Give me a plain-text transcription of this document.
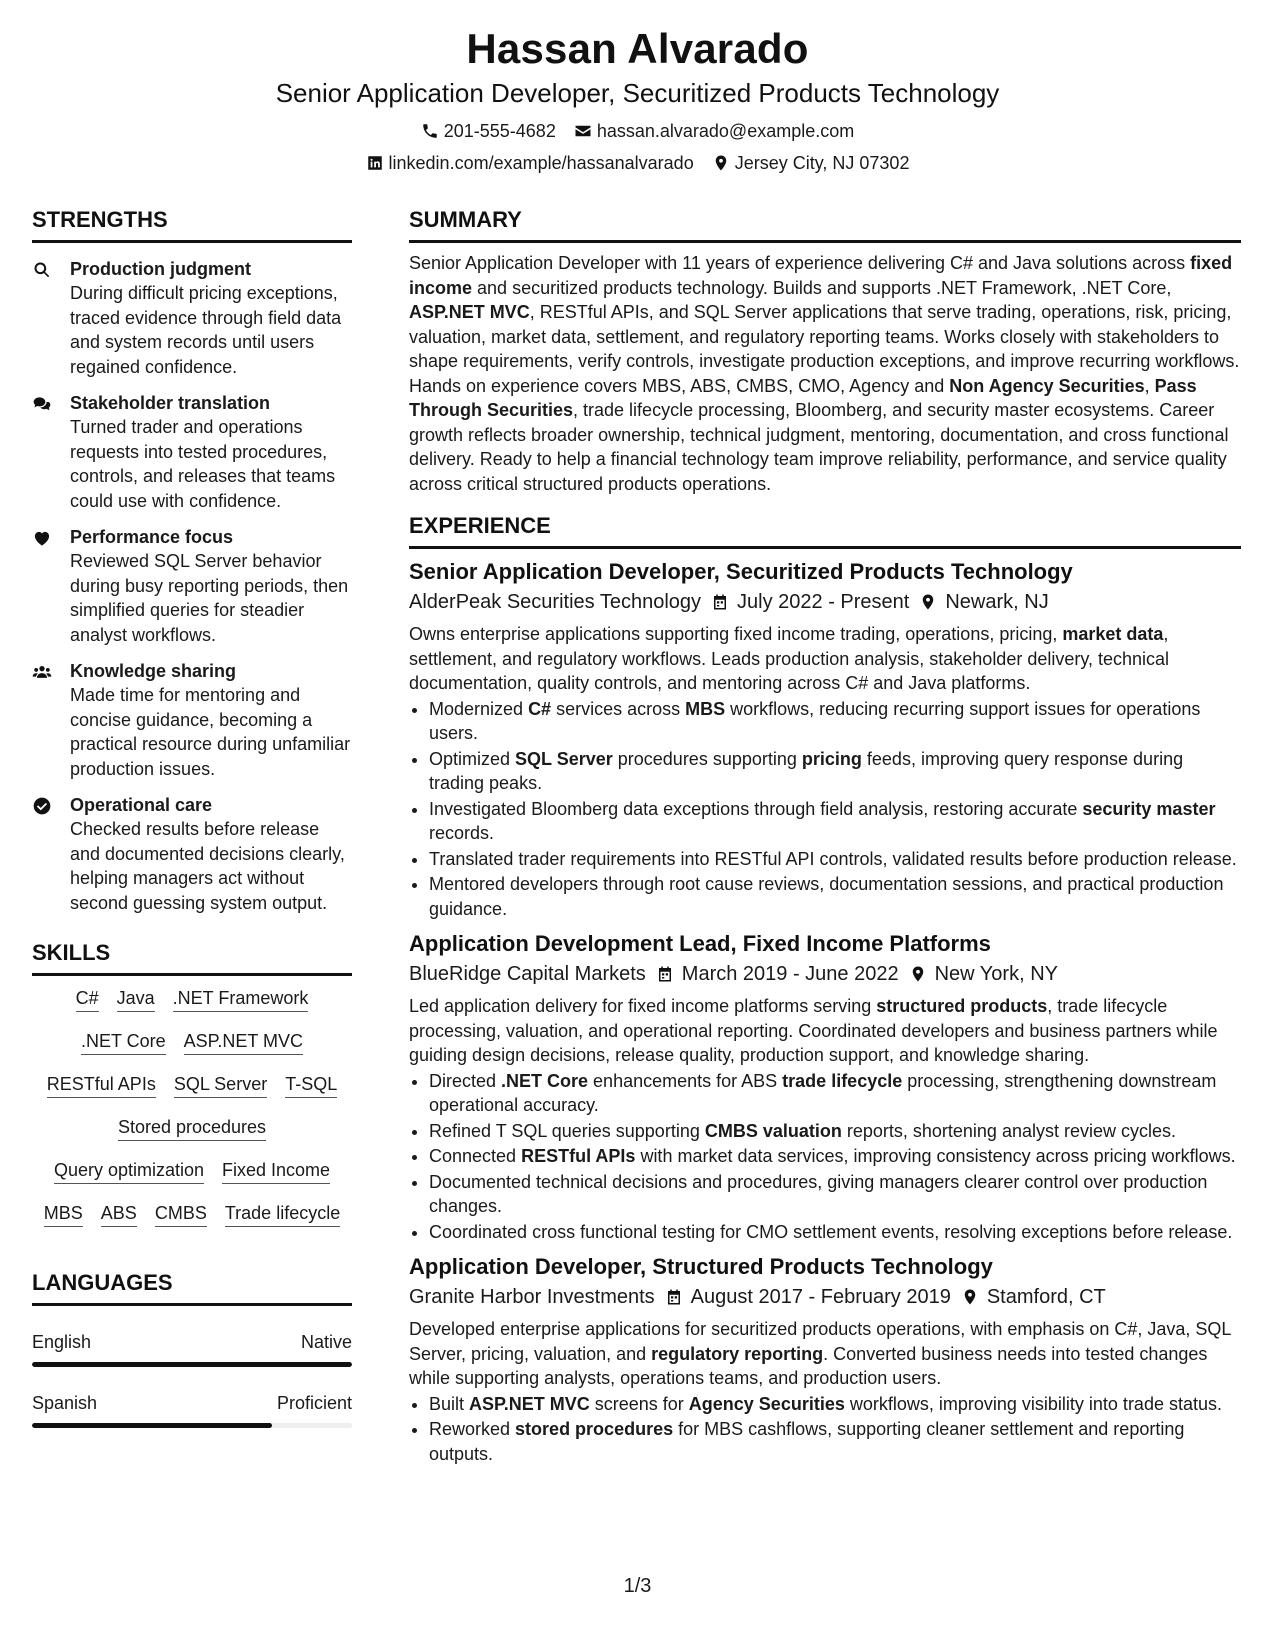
Hassan Alvarado
Senior Application Developer, Securitized Products Technology
201-555-4682 hassan.alvarado@example.com
linkedin.com/example/hassanalvarado Jersey City, NJ 07302
STRENGTHS
Production judgment
During difficult pricing exceptions, traced evidence through field data and system records until users regained confidence.
Stakeholder translation
Turned trader and operations requests into tested procedures, controls, and releases that teams could use with confidence.
Performance focus
Reviewed SQL Server behavior during busy reporting periods, then simplified queries for steadier analyst workflows.
Knowledge sharing
Made time for mentoring and concise guidance, becoming a practical resource during unfamiliar production issues.
Operational care
Checked results before release and documented decisions clearly, helping managers act without second guessing system output.
SKILLS
C# Java .NET Framework
.NET Core ASP.NET MVC
RESTful APIs SQL Server T-SQL
Stored procedures
Query optimization Fixed Income
MBS ABS CMBS Trade lifecycle
LANGUAGES
English	Native
Spanish	Proficient
SUMMARY
Senior Application Developer with 11 years of experience delivering C# and Java solutions across fixed income and securitized products technology. Builds and supports .NET Framework, .NET Core, ASP.NET MVC, RESTful APIs, and SQL Server applications that serve trading, operations, risk, pricing, valuation, market data, settlement, and regulatory reporting teams. Works closely with stakeholders to shape requirements, verify controls, investigate production exceptions, and improve recurring workflows. Hands on experience covers MBS, ABS, CMBS, CMO, Agency and Non Agency Securities, Pass Through Securities, trade lifecycle processing, Bloomberg, and security master ecosystems. Career growth reflects broader ownership, technical judgment, mentoring, documentation, and cross functional delivery. Ready to help a financial technology team improve reliability, performance, and service quality across critical structured products operations.
EXPERIENCE
Senior Application Developer, Securitized Products Technology
AlderPeak Securities Technology July 2022 - Present Newark, NJ
Owns enterprise applications supporting fixed income trading, operations, pricing, market data, settlement, and regulatory workflows. Leads production analysis, stakeholder delivery, technical documentation, quality controls, and mentoring across C# and Java platforms.
• Modernized C# services across MBS workflows, reducing recurring support issues for operations users.
• Optimized SQL Server procedures supporting pricing feeds, improving query response during trading peaks.
• Investigated Bloomberg data exceptions through field analysis, restoring accurate security master records.
• Translated trader requirements into RESTful API controls, validated results before production release.
• Mentored developers through root cause reviews, documentation sessions, and practical production guidance.
Application Development Lead, Fixed Income Platforms
BlueRidge Capital Markets March 2019 - June 2022 New York, NY
Led application delivery for fixed income platforms serving structured products, trade lifecycle processing, valuation, and operational reporting. Coordinated developers and business partners while guiding design decisions, release quality, production support, and knowledge sharing.
• Directed .NET Core enhancements for ABS trade lifecycle processing, strengthening downstream operational accuracy.
• Refined T SQL queries supporting CMBS valuation reports, shortening analyst review cycles.
• Connected RESTful APIs with market data services, improving consistency across pricing workflows.
• Documented technical decisions and procedures, giving managers clearer control over production changes.
• Coordinated cross functional testing for CMO settlement events, resolving exceptions before release.
Application Developer, Structured Products Technology
Granite Harbor Investments August 2017 - February 2019 Stamford, CT
Developed enterprise applications for securitized products operations, with emphasis on C#, Java, SQL Server, pricing, valuation, and regulatory reporting. Converted business needs into tested changes while supporting analysts, operations teams, and production users.
• Built ASP.NET MVC screens for Agency Securities workflows, improving visibility into trade status.
• Reworked stored procedures for MBS cashflows, supporting cleaner settlement and reporting outputs.
1/3
